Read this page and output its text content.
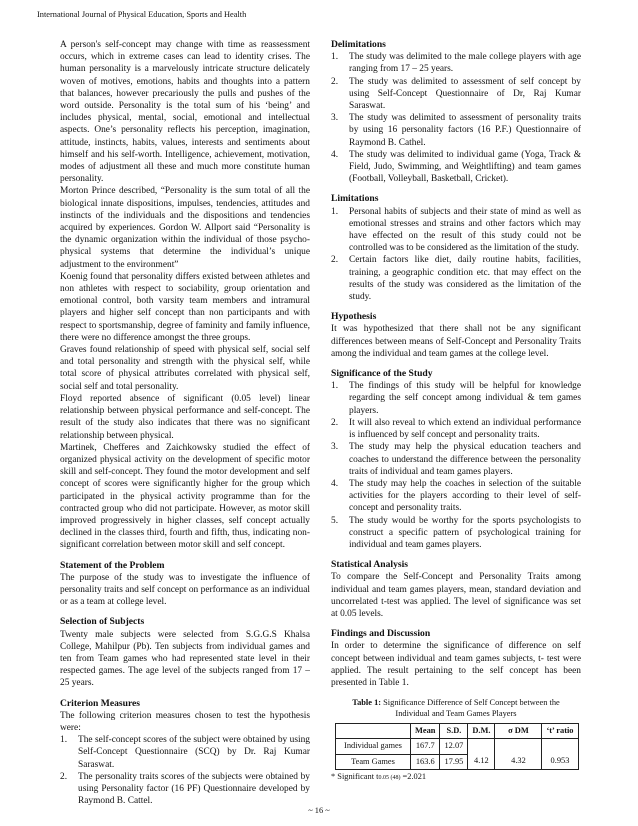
International Journal of Physical Education, Sports and Health

A person's self-concept may change with time as reassessment occurs, which in extreme cases can lead to identity crises. The human personality is a marvelously intricate structure delicately woven of motives, emotions, habits and thoughts into a pattern that balances, however precariously the pulls and pushes of the word outside. Personality is the total sum of his ‘being’ and includes physical, mental, social, emotional and intellectual aspects. One’s personality reflects his perception, imagination, attitude, instincts, habits, values, interests and sentiments about himself and his self-worth. Intelligence, achievement, motivation, modes of adjustment all these and much more constitute human personality.

Morton Prince described, “Personality is the sum total of all the biological innate dispositions, impulses, tendencies, attitudes and instincts of the individuals and the dispositions and tendencies acquired by experiences. Gordon W. Allport said “Personality is the dynamic organization within the individual of those psycho-physical systems that determine the individual’s unique adjustment to the environment”

Koenig found that personality differs existed between athletes and non athletes with respect to sociability, group orientation and emotional control, both varsity team members and intramural players and higher self concept than non participants and with respect to sportsmanship, degree of faminity and family influence, there were no difference amongst the three groups.

Graves found relationship of speed with physical self, social self and total personality and strength with the physical self, while total score of physical attributes correlated with physical self, social self and total personality.

Floyd reported absence of significant (0.05 level) linear relationship between physical performance and self-concept. The result of the study also indicates that there was no significant relationship between physical.

Martinek, Chefferes and Zaichkowsky studied the effect of organized physical activity on the development of specific motor skill and self-concept. They found the motor development and self concept of scores were significantly higher for the group which participated in the physical activity programme than for the contracted group who did not participate. However, as motor skill improved progressively in higher classes, self concept actually declined in the classes third, fourth and fifth, thus, indicating non-significant correlation between motor skill and self concept.

Statement of the Problem

The purpose of the study was to investigate the influence of personality traits and self concept on performance as an individual or as a team at college level.

Selection of Subjects

Twenty male subjects were selected from S.G.G.S Khalsa College, Mahilpur (Pb). Ten subjects from individual games and ten from Team games who had represented state level in their respected games. The age level of the subjects ranged from 17 – 25 years.

Criterion Measures

The following criterion measures chosen to test the hypothesis were:

1. The self-concept scores of the subject were obtained by using Self-Concept Questionnaire (SCQ) by Dr. Raj Kumar Saraswat.
2. The personality traits scores of the subjects were obtained by using Personality factor (16 PF) Questionnaire developed by Raymond B. Cattel.
Delimitations
1. The study was delimited to the male college players with age ranging from 17 – 25 years.
2. The study was delimited to assessment of self concept by using Self-Concept Questionnaire of Dr, Raj Kumar Saraswat.
3. The study was delimited to assessment of personality traits by using 16 personality factors (16 P.F.) Questionnaire of Raymond B. Cathel.
4. The study was delimited to individual game (Yoga, Track & Field, Judo, Swimming, and Weightlifting) and team games (Football, Volleyball, Basketball, Cricket).
Limitations
1. Personal habits of subjects and their state of mind as well as emotional stresses and strains and other factors which may have effected on the result of this study could not be controlled was to be considered as the limitation of the study.
2. Certain factors like diet, daily routine habits, facilities, training, a geographic condition etc. that may effect on the results of the study was considered as the limitation of the study.
Hypothesis

It was hypothesized that there shall not be any significant differences between means of Self-Concept and Personality Traits among the individual and team games at the college level.

Significance of the Study
1. The findings of this study will be helpful for knowledge regarding the self concept among individual & tem games players.
2. It will also reveal to which extend an individual performance is influenced by self concept and personality traits.
3. The study may help the physical education teachers and coaches to understand the difference between the personality traits of individual and team games players.
4. The study may help the coaches in selection of the suitable activities for the players according to their level of self-concept and personality traits.
5. The study would be worthy for the sports psychologists to construct a specific pattern of psychological training for individual and team games players.
Statistical Analysis

To compare the Self-Concept and Personality Traits among individual and team games players, mean, standard deviation and uncorrelated t-test was applied. The level of significance was set at 0.05 levels.

Findings and Discussion

In order to determine the significance of difference on self concept between individual and team games subjects, t- test were applied. The result pertaining to the self concept has been presented in Table 1.

Table 1: Significance Difference of Self Concept between the Individual and Team Games Players
	Mean	S.D.	D.M.	σ DM	‘t’ ratio
Individual games	167.7	12.07			
Team Games	163.6	17.95	4.12	4.32	0.953
* Significant t0.05 (48) =2.021
~ 16 ~
